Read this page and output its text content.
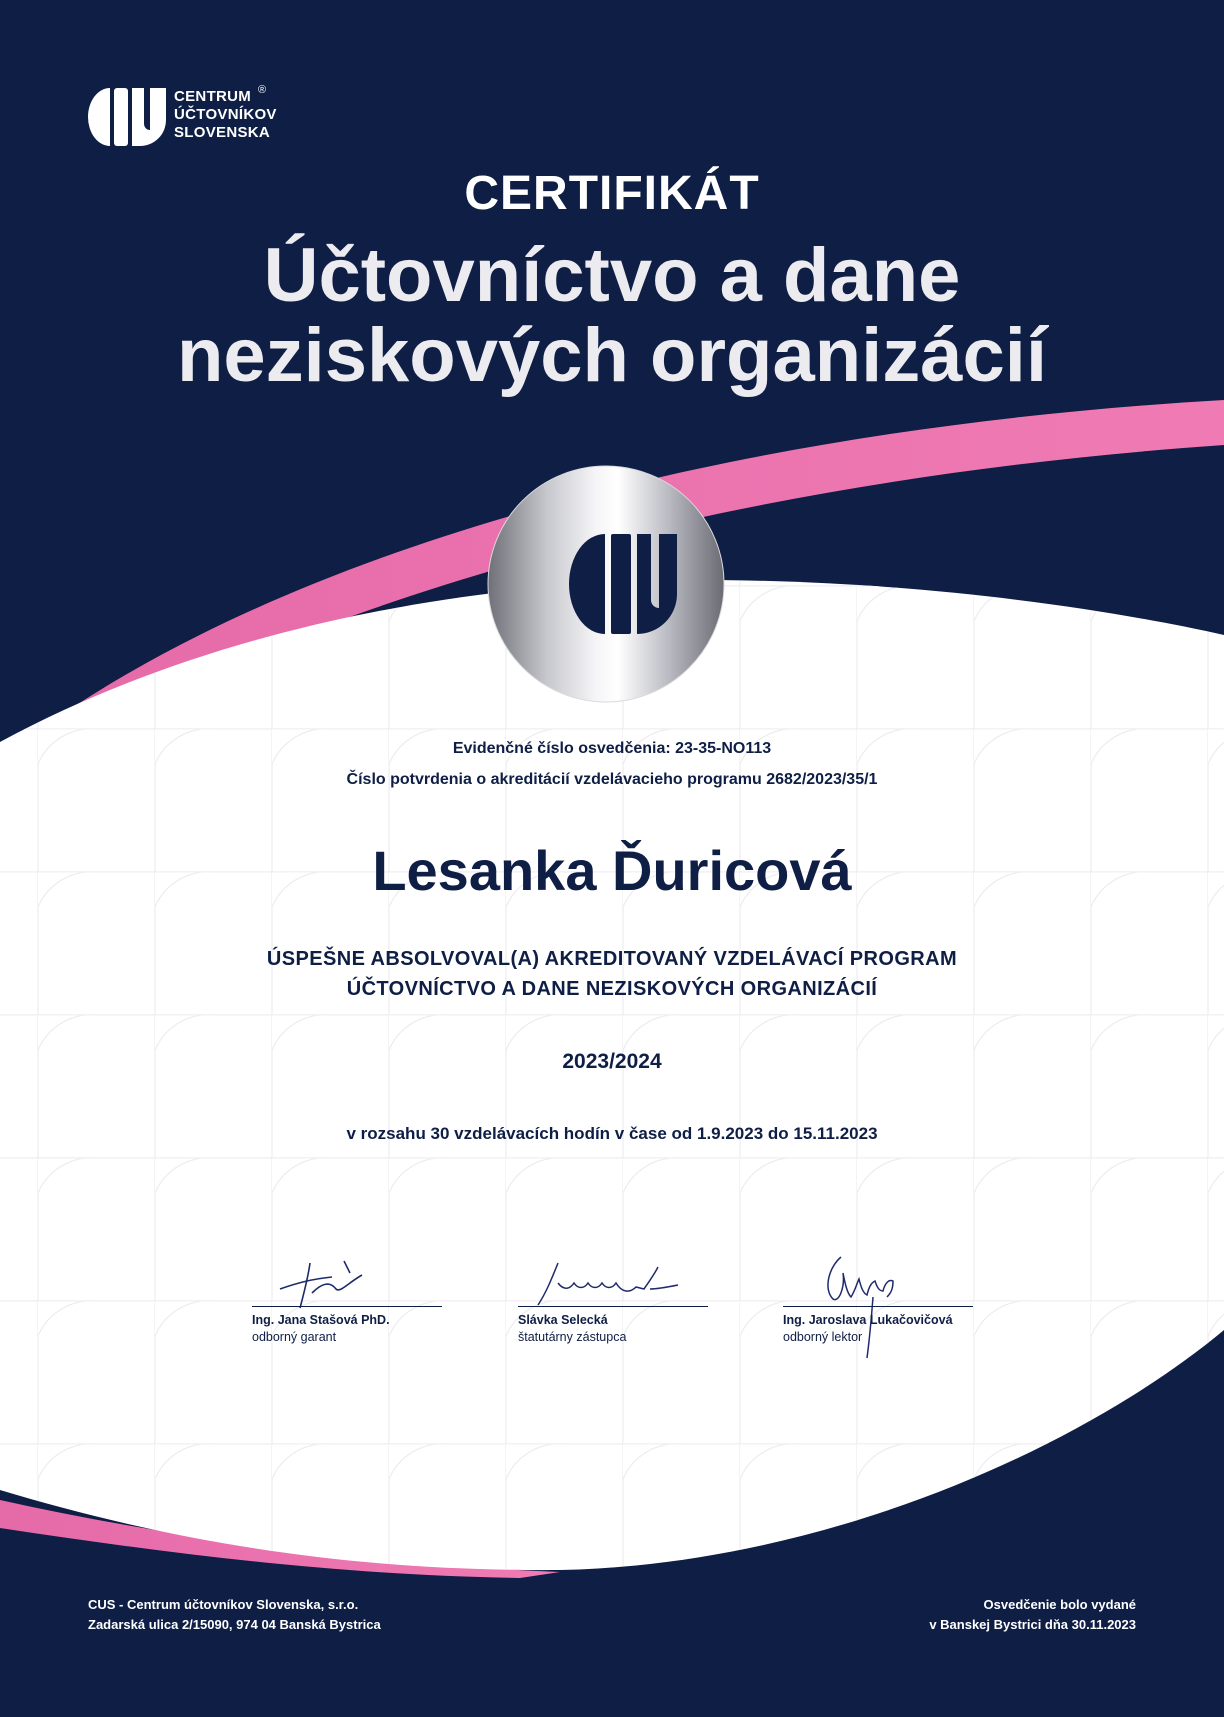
CENTRUM
ÚČTOVNÍKOV
SLOVENSKA
®
CERTIFIKÁT
Účtovníctvo a dane
neziskových organizácií
Evidenčné číslo osvedčenia: 23-35-NO113
Číslo potvrdenia o akreditácií vzdelávacieho programu 2682/2023/35/1
Lesanka Ďuricová
ÚSPEŠNE ABSOLVOVAL(A) AKREDITOVANÝ VZDELÁVACÍ PROGRAM
ÚČTOVNÍCTVO A DANE NEZISKOVÝCH ORGANIZÁCIÍ
2023/2024
v rozsahu 30 vzdelávacích hodín v čase od 1.9.2023 do 15.11.2023
Ing. Jana Stašová PhD.
odborný garant
Slávka Selecká
štatutárny zástupca
Ing. Jaroslava Lukačovičová
odborný lektor
CUS - Centrum účtovníkov Slovenska, s.r.o.
Zadarská ulica 2/15090, 974 04 Banská Bystrica
Osvedčenie bolo vydané
v Banskej Bystrici dňa 30.11.2023
